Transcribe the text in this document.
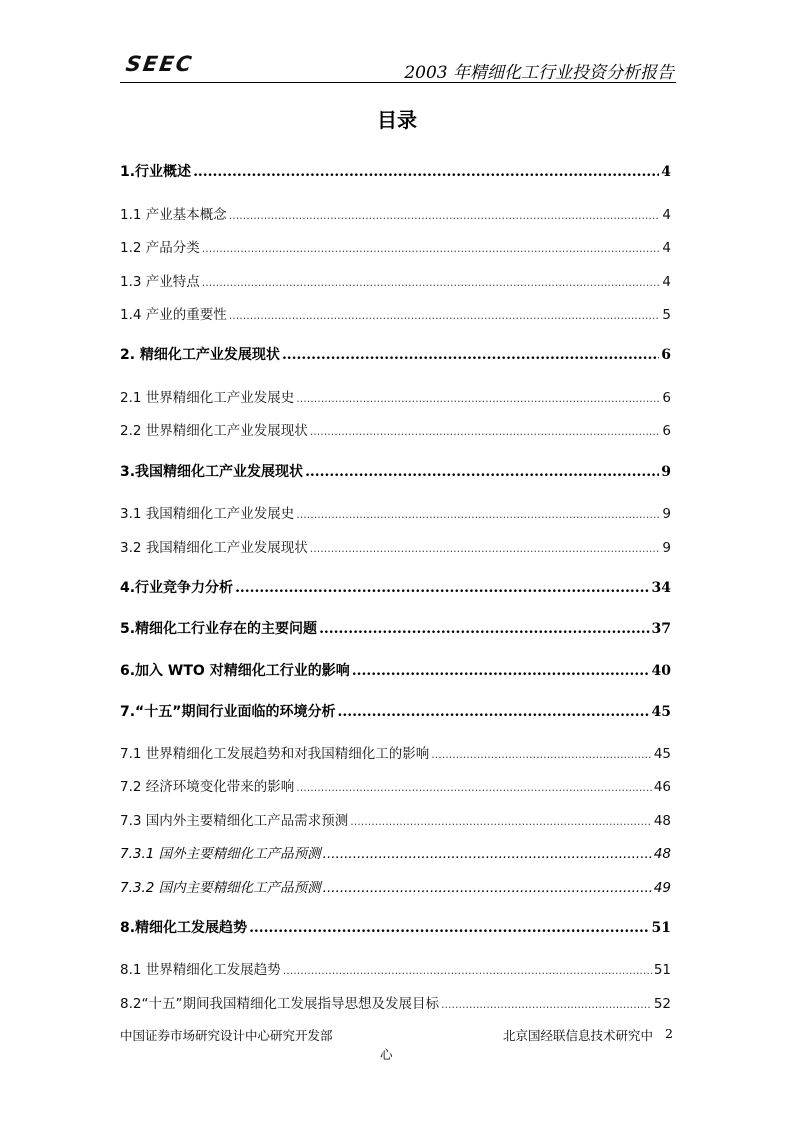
SEEC	2003 年精细化工行业投资分析报告
目录
1.行业概述 .....	4
1.1 产业基本概念 .....	4
1.2 产品分类 .....	4
1.3 产业特点 .....	4
1.4 产业的重要性 .....	5
2. 精细化工产业发展现状 .....	6
2.1 世界精细化工产业发展史 .....	6
2.2 世界精细化工产业发展现状 .....	6
3.我国精细化工产业发展现状 .....	9
3.1 我国精细化工产业发展史 .....	9
3.2 我国精细化工产业发展现状 .....	9
4.行业竞争力分析 .....	34
5.精细化工行业存在的主要问题 .....	37
6.加入 WTO 对精细化工行业的影响 .....	40
7.“十五”期间行业面临的环境分析 .....	45
7.1 世界精细化工发展趋势和对我国精细化工的影响 .....	45
7.2 经济环境变化带来的影响 .....	46
7.3 国内外主要精细化工产品需求预测 .....	48
7.3.1 国外主要精细化工产品预测 .....	48
7.3.2 国内主要精细化工产品预测 .....	49
8.精细化工发展趋势 .....	51
8.1 世界精细化工发展趋势 .....	51
8.2“十五”期间我国精细化工发展指导思想及发展目标 .....	52
中国证券市场研究设计中心研究开发部	北京国经联信息技术研究中 2
心
